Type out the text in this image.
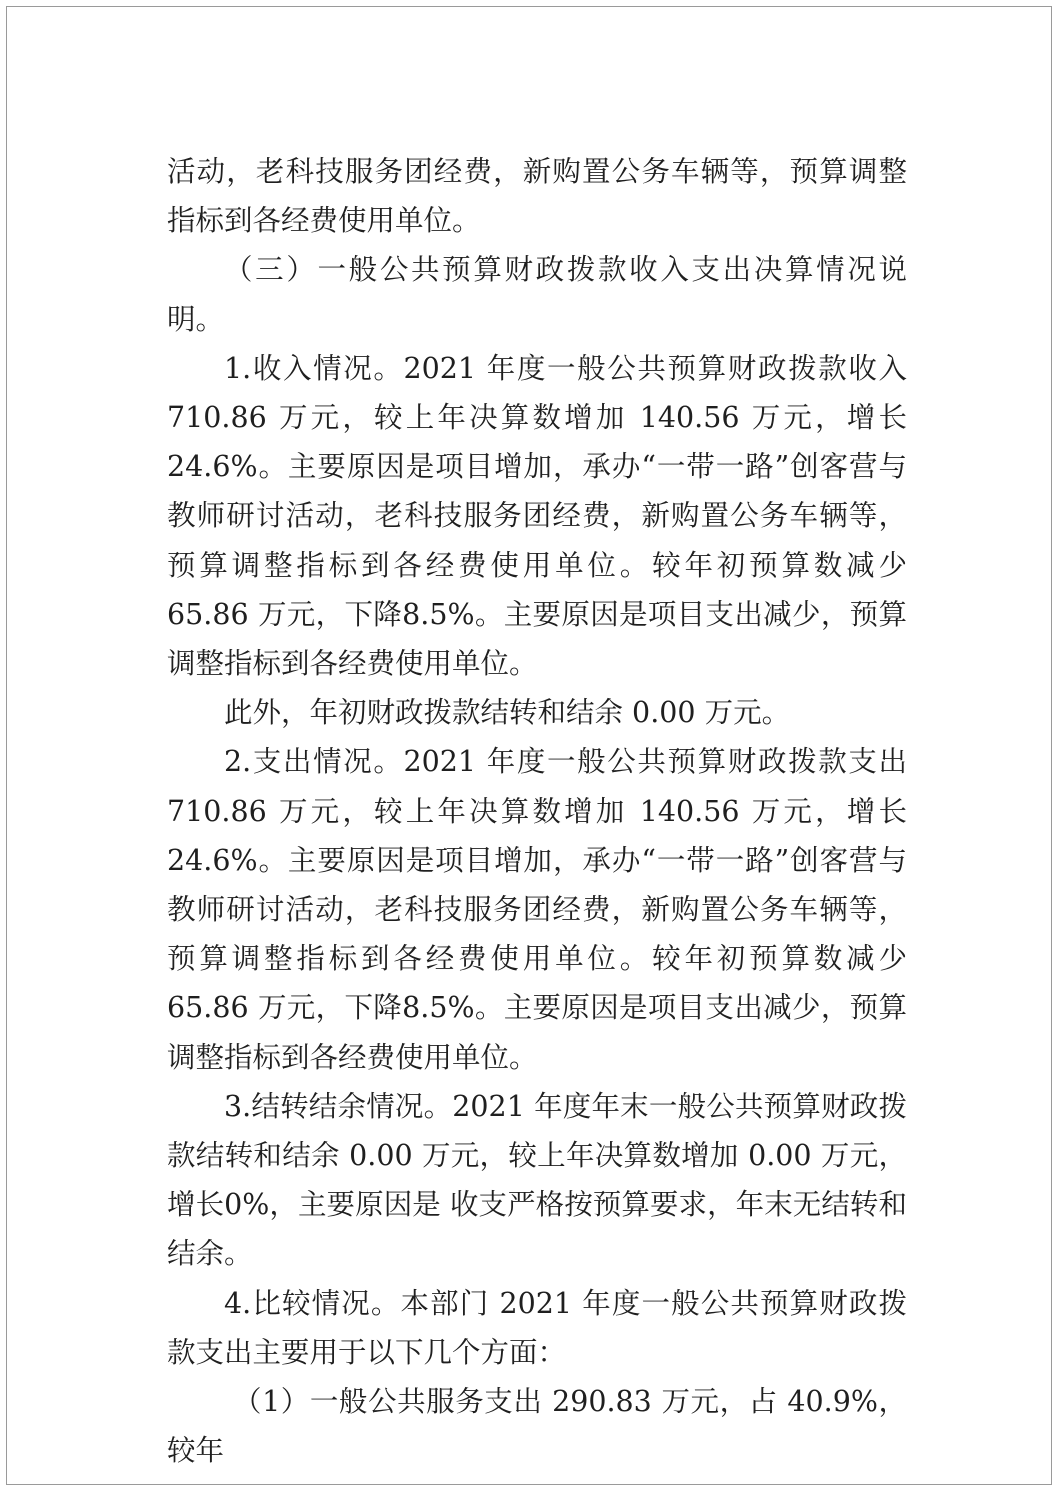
活动，老科技服务团经费，新购置公务车辆等，预算调整指标到各经费使用单位。

（三）一般公共预算财政拨款收入支出决算情况说明。

1.收入情况。2021 年度一般公共预算财政拨款收入710.86 万元，较上年决算数增加 140.56 万元，增长 24.6%。主要原因是项目增加，承办“一带一路”创客营与教师研讨活动，老科技服务团经费，新购置公务车辆等，预算调整指标到各经费使用单位。较年初预算数减少 65.86 万元，下降8.5%。主要原因是项目支出减少，预算调整指标到各经费使用单位。

此外，年初财政拨款结转和结余 0.00 万元。

2.支出情况。2021 年度一般公共预算财政拨款支出710.86 万元，较上年决算数增加 140.56 万元，增长 24.6%。主要原因是项目增加，承办“一带一路”创客营与教师研讨活动，老科技服务团经费，新购置公务车辆等，预算调整指标到各经费使用单位。较年初预算数减少 65.86 万元，下降8.5%。主要原因是项目支出减少，预算调整指标到各经费使用单位。

3.结转结余情况。2021 年度年末一般公共预算财政拨款结转和结余 0.00 万元，较上年决算数增加 0.00 万元，增长0%，主要原因是 收支严格按预算要求，年末无结转和结余。

4.比较情况。本部门 2021 年度一般公共预算财政拨款支出主要用于以下几个方面：

（1）一般公共服务支出 290.83 万元，占 40.9%，较年
